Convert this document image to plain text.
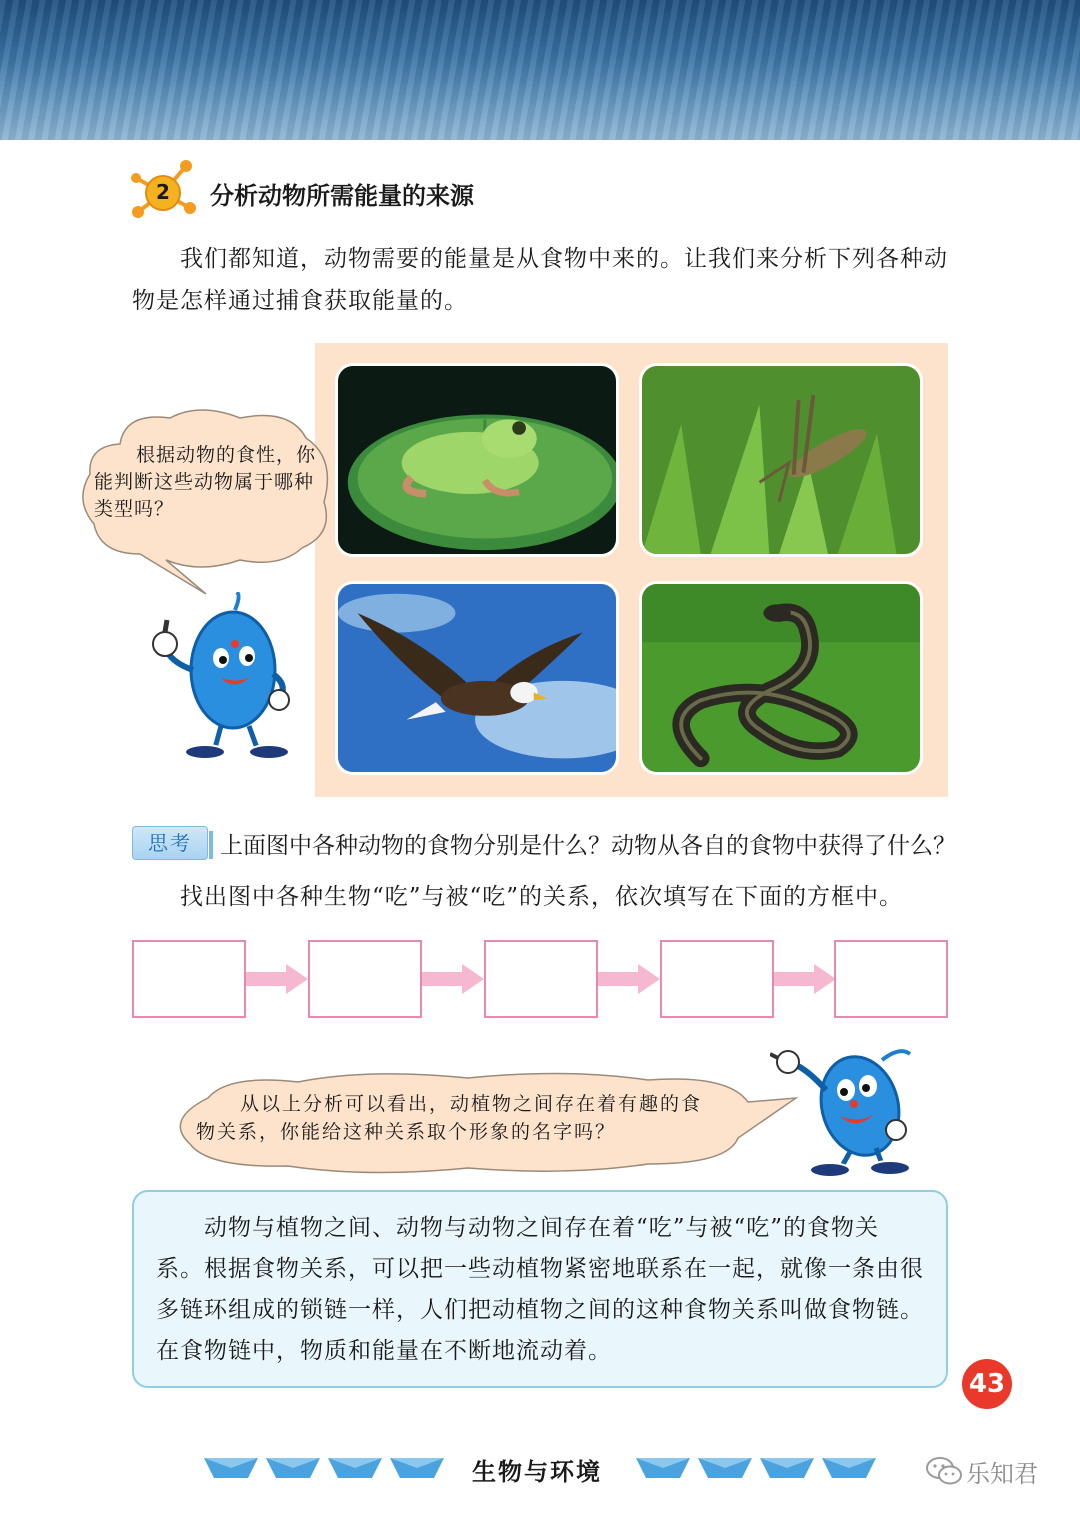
2 分析动物所需能量的来源

我们都知道，动物需要的能量是从食物中来的。让我们来分析下列各种动物是怎样通过捕食获取能量的。

根据动物的食性，你能判断这些动物属于哪种类型吗？

思考	上面图中各种动物的食物分别是什么？动物从各自的食物中获得了什么？
找出图中各种生物“吃”与被“吃”的关系，依次填写在下面的方框中。

从以上分析可以看出，动植物之间存在着有趣的食物关系，你能给这种关系取个形象的名字吗？

动物与植物之间、动物与动物之间存在着“吃”与被“吃”的食物关系。根据食物关系，可以把一些动植物紧密地联系在一起，就像一条由很多链环组成的锁链一样，人们把动植物之间的这种食物关系叫做食物链。在食物链中，物质和能量在不断地流动着。

43
生物与环境	乐知君
